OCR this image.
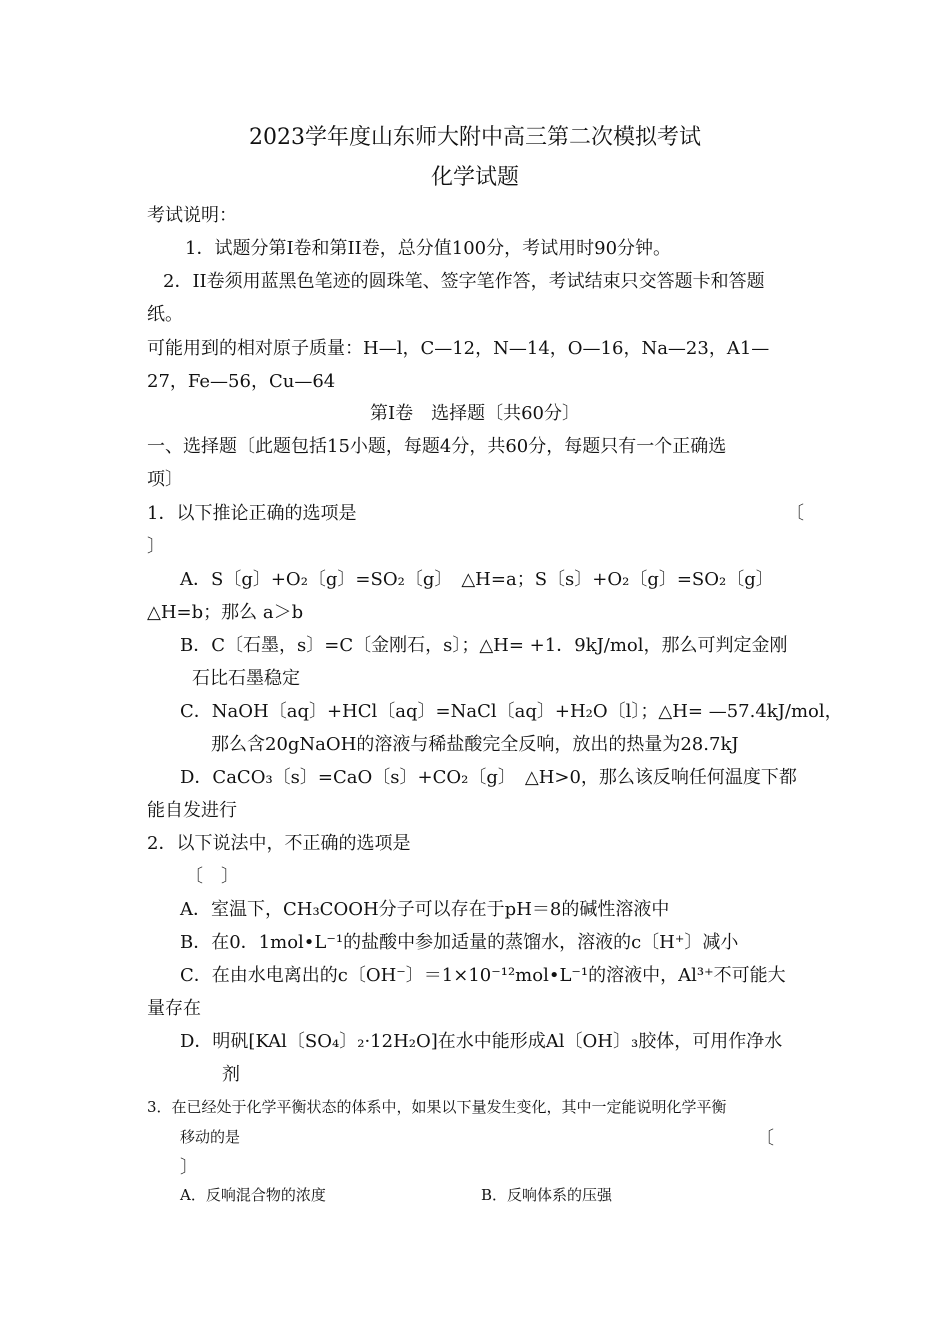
2023学年度山东师大附中高三第二次模拟考试
化学试题
考试说明：
1．试题分第I卷和第II卷，总分值100分，考试用时90分钟。
2．II卷须用蓝黑色笔迹的圆珠笔、签字笔作答，考试结束只交答题卡和答题
纸。
可能用到的相对原子质量：H—l，C—12，N—14，O—16，Na—23，A1—
27，Fe—56，Cu—64
第I卷　选择题〔共60分〕
一、选择题〔此题包括15小题，每题4分，共60分，每题只有一个正确选
项〕
1．以下推论正确的选项是	〔
〕
A．S〔g〕+O₂〔g〕=SO₂〔g〕　△H=a；S〔s〕+O₂〔g〕=SO₂〔g〕
△H=b；那么 a＞b
B．C〔石墨，s〕=C〔金刚石，s〕；△H= +1．9kJ/mol，那么可判定金刚
石比石墨稳定
C．NaOH〔aq〕+HCl〔aq〕=NaCl〔aq〕+H₂O〔l〕；△H= —57.4kJ/mol，
那么含20gNaOH的溶液与稀盐酸完全反响，放出的热量为28.7kJ
D．CaCO₃〔s〕=CaO〔s〕+CO₂〔g〕　△H>0，那么该反响任何温度下都
能自发进行
2．以下说法中，不正确的选项是
〔　〕
A．室温下，CH₃COOH分子可以存在于pH＝8的碱性溶液中
B．在0．1mol•L⁻¹的盐酸中参加适量的蒸馏水，溶液的c〔H⁺〕减小
C．在由水电离出的c〔OH⁻〕＝1×10⁻¹²mol•L⁻¹的溶液中，Al³⁺不可能大
量存在
D．明矾[KAl〔SO₄〕₂·12H₂O]在水中能形成Al〔OH〕₃胶体，可用作净水
剂
3．在已经处于化学平衡状态的体系中，如果以下量发生变化，其中一定能说明化学平衡
移动的是	〔
〕
A．反响混合物的浓度	B．反响体系的压强
